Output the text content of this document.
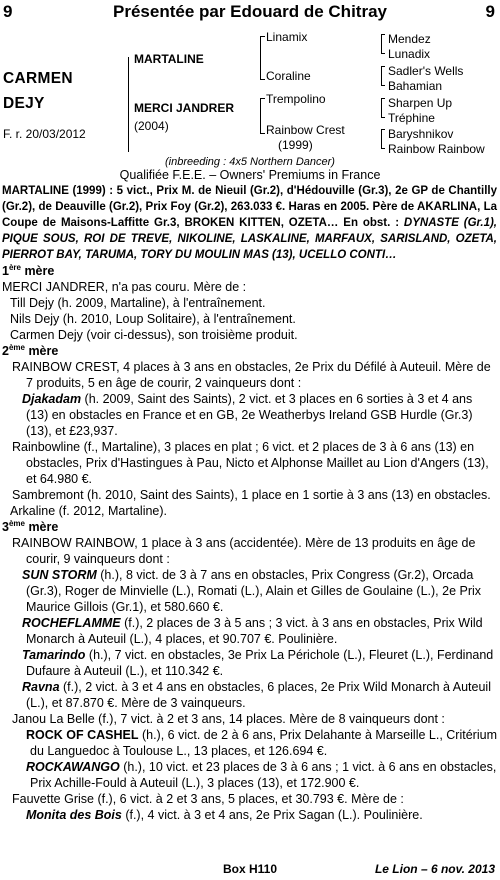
9	Présentée par Edouard de Chitray	9
CARMEN
DEJY
F. r. 20/03/2012
MARTALINE
MERCI JANDRER
(2004)
Linamix
Coraline
Trempolino
Rainbow Crest
(1999)
Mendez
Lunadix
Sadler's Wells
Bahamian
Sharpen Up
Tréphine
Baryshnikov
Rainbow Rainbow
(inbreeding : 4x5 Northern Dancer)
Qualifiée F.E.E. – Owners' Premiums in France

MARTALINE (1999) : 5 vict., Prix M. de Nieuil (Gr.2), d'Hédouville (Gr.3), 2e GP de Chantilly (Gr.2), de Deauville (Gr.2), Prix Foy (Gr.2), 263.033 €. Haras en 2005. Père de AKARLINA, La Coupe de Maisons-Laffitte Gr.3, BROKEN KITTEN, OZETA… En obst. : DYNASTE (Gr.1), PIQUE SOUS, ROI DE TREVE, NIKOLINE, LASKALINE, MARFAUX, SARISLAND, OZETA, PIERROT BAY, TARUMA, TORY DU MOULIN MAS (13), UCELLO CONTI…

1ère mère

MERCI JANDRER, n'a pas couru. Mère de :

Till Dejy (h. 2009, Martaline), à l'entraînement.

Nils Dejy (h. 2010, Loup Solitaire), à l'entraînement.

Carmen Dejy (voir ci-dessus), son troisième produit.

2ème mère

RAINBOW CREST, 4 places à 3 ans en obstacles, 2e Prix du Défilé à Auteuil. Mère de 7 produits, 5 en âge de courir, 2 vainqueurs dont :

Djakadam (h. 2009, Saint des Saints), 2 vict. et 3 places en 6 sorties à 3 et 4 ans (13) en obstacles en France et en GB, 2e Weatherbys Ireland GSB Hurdle (Gr.3) (13), et £23,937.

Rainbowline (f., Martaline), 3 places en plat ; 6 vict. et 2 places de 3 à 6 ans (13) en obstacles, Prix d'Hastingues à Pau, Nicto et Alphonse Maillet au Lion d'Angers (13), et 64.980 €.

Sambremont (h. 2010, Saint des Saints), 1 place en 1 sortie à 3 ans (13) en obstacles.

Arkaline (f. 2012, Martaline).

3ème mère

RAINBOW RAINBOW, 1 place à 3 ans (accidentée). Mère de 13 produits en âge de courir, 9 vainqueurs dont :

SUN STORM (h.), 8 vict. de 3 à 7 ans en obstacles, Prix Congress (Gr.2), Orcada (Gr.3), Roger de Minvielle (L.), Romati (L.), Alain et Gilles de Goulaine (L.), 2e Prix Maurice Gillois (Gr.1), et 580.660 €.

ROCHEFLAMME (f.), 2 places de 3 à 5 ans ; 3 vict. à 3 ans en obstacles, Prix Wild Monarch à Auteuil (L.), 4 places, et 90.707 €. Poulinière.

Tamarindo (h.), 7 vict. en obstacles, 3e Prix La Périchole (L.), Fleuret (L.), Ferdinand Dufaure à Auteuil (L.), et 110.342 €.

Ravna (f.), 2 vict. à 3 et 4 ans en obstacles, 6 places, 2e Prix Wild Monarch à Auteuil (L.), et 87.870 €. Mère de 3 vainqueurs.

Janou La Belle (f.), 7 vict. à 2 et 3 ans, 14 places. Mère de 8 vainqueurs dont :

ROCK OF CASHEL (h.), 6 vict. de 2 à 6 ans, Prix Delahante à Marseille L., Critérium du Languedoc à Toulouse L., 13 places, et 126.694 €.

ROCKAWANGO (h.), 10 vict. et 23 places de 3 à 6 ans ; 1 vict. à 6 ans en obstacles, Prix Achille-Fould à Auteuil (L.), 3 places (13), et 172.900 €.

Fauvette Grise (f.), 6 vict. à 2 et 3 ans, 5 places, et 30.793 €. Mère de :

Monita des Bois (f.), 4 vict. à 3 et 4 ans, 2e Prix Sagan (L.). Poulinière.

Box H110	Le Lion – 6 nov. 2013
